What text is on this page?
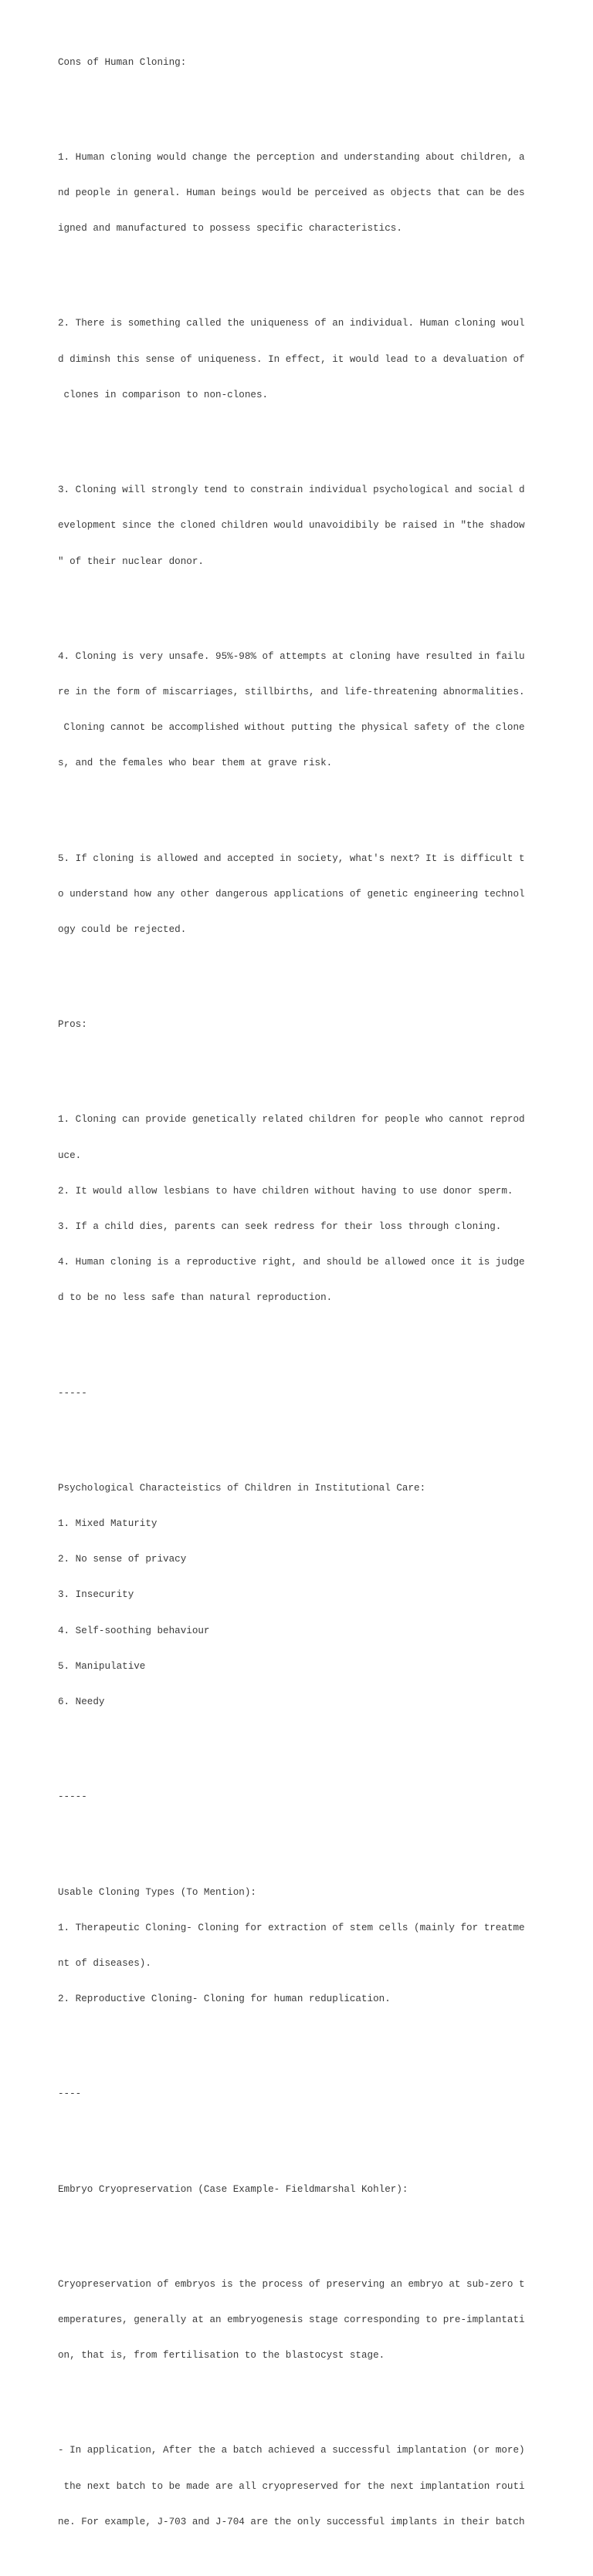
Cons of Human Cloning:

1. Human cloning would change the perception and understanding about children, a

nd people in general. Human beings would be perceived as objects that can be des

igned and manufactured to possess specific characteristics.

2. There is something called the uniqueness of an individual. Human cloning woul

d diminsh this sense of uniqueness. In effect, it would lead to a devaluation of

clones in comparison to non-clones.

3. Cloning will strongly tend to constrain individual psychological and social d

evelopment since the cloned children would unavoidibily be raised in "the shadow

" of their nuclear donor.

4. Cloning is very unsafe. 95%-98% of attempts at cloning have resulted in failu

re in the form of miscarriages, stillbirths, and life-threatening abnormalities.

Cloning cannot be accomplished without putting the physical safety of the clone

s, and the females who bear them at grave risk.

5. If cloning is allowed and accepted in society, what's next? It is difficult t

o understand how any other dangerous applications of genetic engineering technol

ogy could be rejected.

Pros:

1. Cloning can provide genetically related children for people who cannot reprod

uce.

2. It would allow lesbians to have children without having to use donor sperm.

3. If a child dies, parents can seek redress for their loss through cloning.

4. Human cloning is a reproductive right, and should be allowed once it is judge

d to be no less safe than natural reproduction.

-----

Psychological Characteistics of Children in Institutional Care:

1. Mixed Maturity

2. No sense of privacy

3. Insecurity

4. Self-soothing behaviour

5. Manipulative

6. Needy

-----

Usable Cloning Types (To Mention):

1. Therapeutic Cloning- Cloning for extraction of stem cells (mainly for treatme

nt of diseases).

2. Reproductive Cloning- Cloning for human reduplication.

----

Embryo Cryopreservation (Case Example- Fieldmarshal Kohler):

Cryopreservation of embryos is the process of preserving an embryo at sub-zero t

emperatures, generally at an embryogenesis stage corresponding to pre-implantati

on, that is, from fertilisation to the blastocyst stage.

- In application, After the a batch achieved a successful implantation (or more)

the next batch to be made are all cryopreserved for the next implantation routi

ne. For example, J-703 and J-704 are the only successful implants in their batch
